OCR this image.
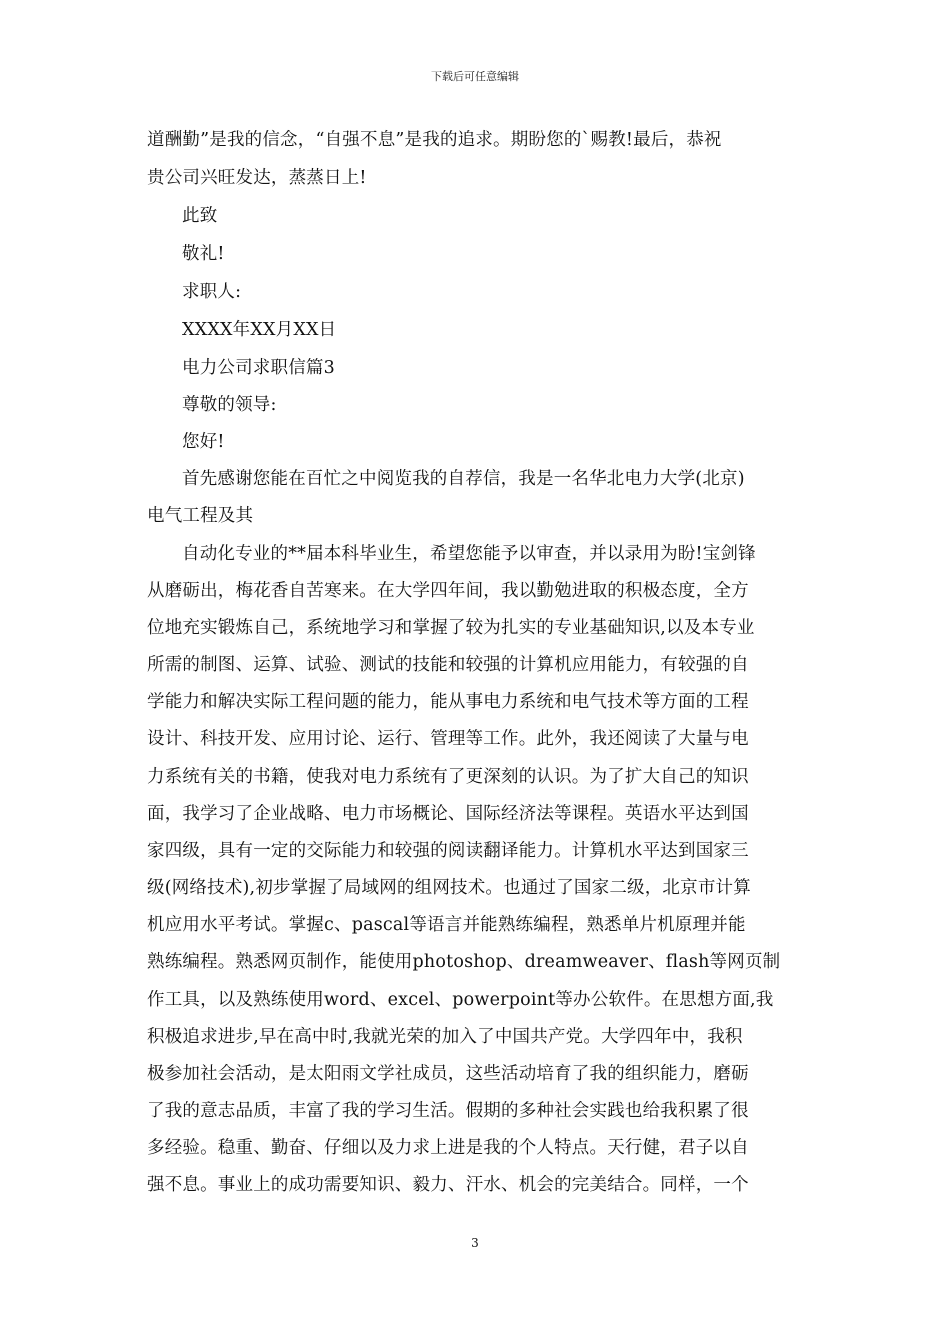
下载后可任意编辑
道酬勤”是我的信念，“自强不息”是我的追求。期盼您的`赐教!最后，恭祝
贵公司兴旺发达，蒸蒸日上!
此致
敬礼!
求职人:
XXXX年XX月XX日
电力公司求职信篇3
尊敬的领导:
您好!
首先感谢您能在百忙之中阅览我的自荐信，我是一名华北电力大学(北京)
电气工程及其
自动化专业的**届本科毕业生，希望您能予以审查，并以录用为盼!宝剑锋
从磨砺出，梅花香自苦寒来。在大学四年间，我以勤勉进取的积极态度，全方
位地充实锻炼自己，系统地学习和掌握了较为扎实的专业基础知识,以及本专业
所需的制图、运算、试验、测试的技能和较强的计算机应用能力，有较强的自
学能力和解决实际工程问题的能力，能从事电力系统和电气技术等方面的工程
设计、科技开发、应用讨论、运行、管理等工作。此外，我还阅读了大量与电
力系统有关的书籍，使我对电力系统有了更深刻的认识。为了扩大自己的知识
面，我学习了企业战略、电力市场概论、国际经济法等课程。英语水平达到国
家四级，具有一定的交际能力和较强的阅读翻译能力。计算机水平达到国家三
级(网络技术),初步掌握了局域网的组网技术。也通过了国家二级，北京市计算
机应用水平考试。掌握c、pascal等语言并能熟练编程，熟悉单片机原理并能
熟练编程。熟悉网页制作，能使用photoshop、dreamweaver、flash等网页制
作工具，以及熟练使用word、excel、powerpoint等办公软件。在思想方面,我
积极追求进步,早在高中时,我就光荣的加入了中国共产党。大学四年中，我积
极参加社会活动，是太阳雨文学社成员，这些活动培育了我的组织能力，磨砺
了我的意志品质，丰富了我的学习生活。假期的多种社会实践也给我积累了很
多经验。稳重、勤奋、仔细以及力求上进是我的个人特点。天行健，君子以自
强不息。事业上的成功需要知识、毅力、汗水、机会的完美结合。同样，一个
3
